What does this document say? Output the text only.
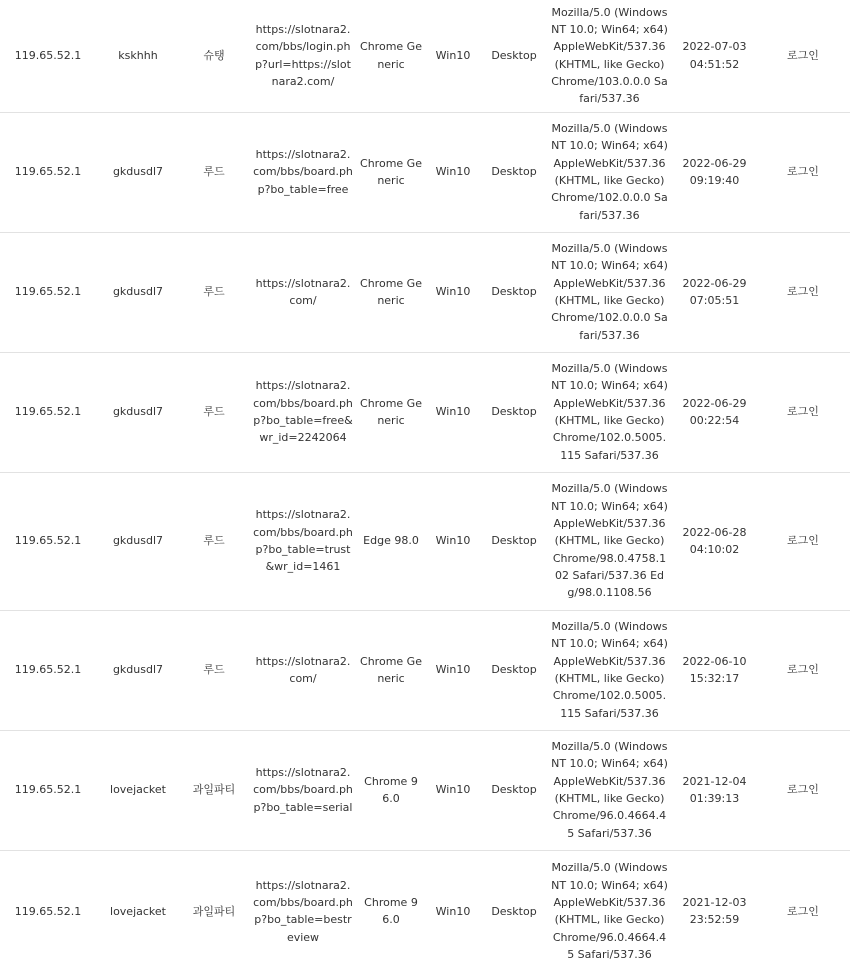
119.65.52.1	kskhhh	슈탱	https://slotnara2.com/bbs/login.php?url=https://slotnara2.com/	Chrome Generic	Win10	Desktop	Mozilla/5.0 (Windows NT 10.0; Win64; x64) AppleWebKit/537.36 (KHTML, like Gecko) Chrome/103.0.0.0 Safari/537.36	2022-07-03
04:51:52	로그인
119.65.52.1	gkdusdl7	루드	https://slotnara2.com/bbs/board.php?bo_table=free	Chrome Generic	Win10	Desktop	Mozilla/5.0 (Windows NT 10.0; Win64; x64) AppleWebKit/537.36 (KHTML, like Gecko) Chrome/102.0.0.0 Safari/537.36	2022-06-29
09:19:40	로그인
119.65.52.1	gkdusdl7	루드	https://slotnara2.com/	Chrome Generic	Win10	Desktop	Mozilla/5.0 (Windows NT 10.0; Win64; x64) AppleWebKit/537.36 (KHTML, like Gecko) Chrome/102.0.0.0 Safari/537.36	2022-06-29
07:05:51	로그인
119.65.52.1	gkdusdl7	루드	https://slotnara2.com/bbs/board.php?bo_table=free&wr_id=2242064	Chrome Generic	Win10	Desktop	Mozilla/5.0 (Windows NT 10.0; Win64; x64) AppleWebKit/537.36 (KHTML, like Gecko) Chrome/102.0.5005.115 Safari/537.36	2022-06-29
00:22:54	로그인
119.65.52.1	gkdusdl7	루드	https://slotnara2.com/bbs/board.php?bo_table=trust&wr_id=1461	Edge 98.0	Win10	Desktop	Mozilla/5.0 (Windows NT 10.0; Win64; x64) AppleWebKit/537.36 (KHTML, like Gecko) Chrome/98.0.4758.102 Safari/537.36 Edg/98.0.1108.56	2022-06-28
04:10:02	로그인
119.65.52.1	gkdusdl7	루드	https://slotnara2.com/	Chrome Generic	Win10	Desktop	Mozilla/5.0 (Windows NT 10.0; Win64; x64) AppleWebKit/537.36 (KHTML, like Gecko) Chrome/102.0.5005.115 Safari/537.36	2022-06-10
15:32:17	로그인
119.65.52.1	lovejacket	과일파티	https://slotnara2.com/bbs/board.php?bo_table=serial	Chrome 96.0	Win10	Desktop	Mozilla/5.0 (Windows NT 10.0; Win64; x64) AppleWebKit/537.36 (KHTML, like Gecko) Chrome/96.0.4664.45 Safari/537.36	2021-12-04
01:39:13	로그인
119.65.52.1	lovejacket	과일파티	https://slotnara2.com/bbs/board.php?bo_table=bestreview	Chrome 96.0	Win10	Desktop	Mozilla/5.0 (Windows NT 10.0; Win64; x64) AppleWebKit/537.36 (KHTML, like Gecko) Chrome/96.0.4664.45 Safari/537.36	2021-12-03
23:52:59	로그인
